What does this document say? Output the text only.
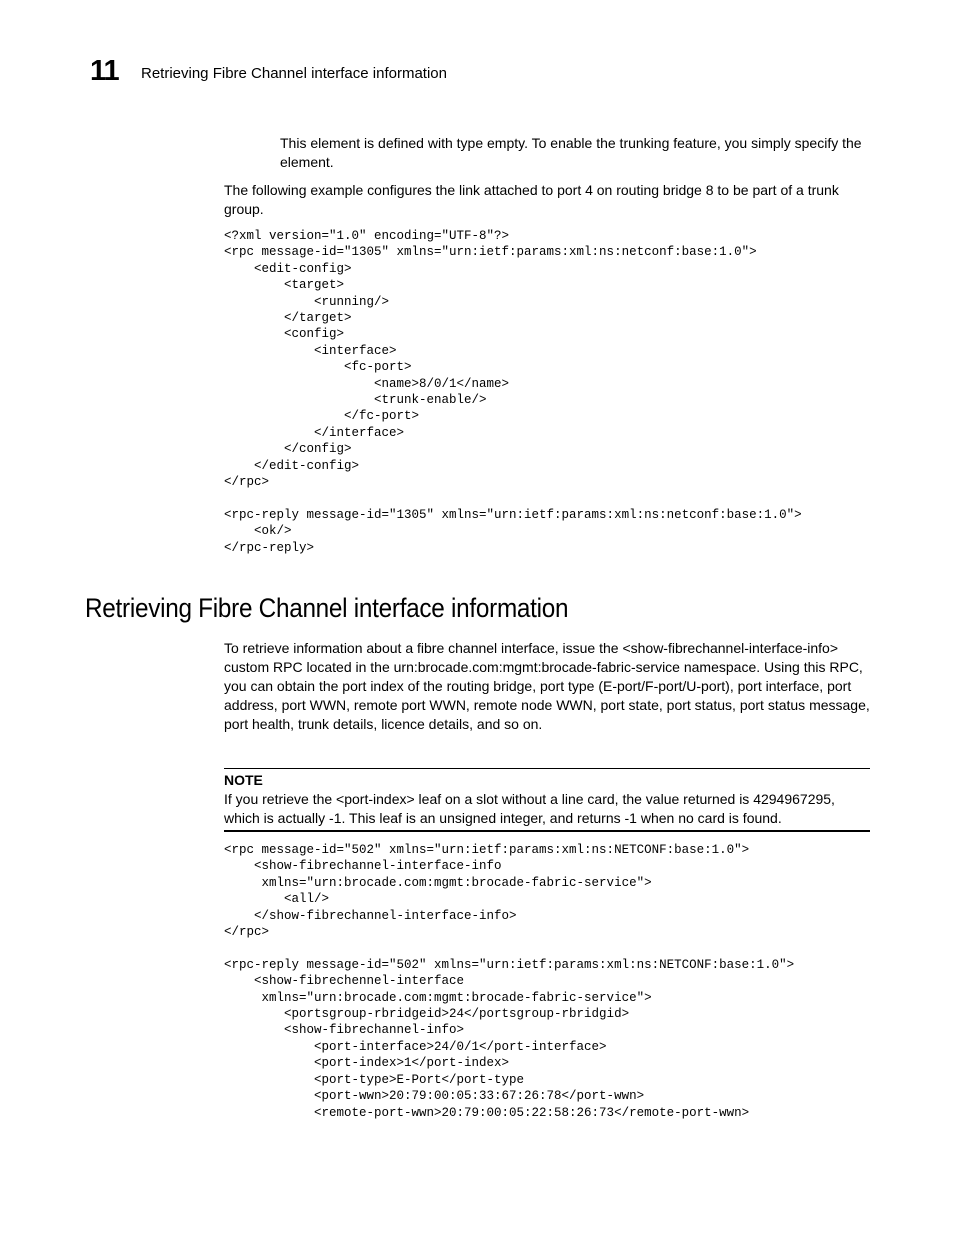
11 Retrieving Fibre Channel interface information

This element is defined with type empty. To enable the trunking feature, you simply specify the element.

The following example configures the link attached to port 4 on routing bridge 8 to be part of a trunk group.

<?xml version="1.0" encoding="UTF-8"?>
<rpc message-id="1305" xmlns="urn:ietf:params:xml:ns:netconf:base:1.0">
<edit-config>
<target>
<running/>
</target>
<config>
<interface>
<fc-port>
<name>8/0/1</name>
<trunk-enable/>
</fc-port>
</interface>
</config>
</edit-config>
</rpc>

<rpc-reply message-id="1305" xmlns="urn:ietf:params:xml:ns:netconf:base:1.0">
<ok/>
</rpc-reply>
Retrieving Fibre Channel interface information

To retrieve information about a fibre channel interface, issue the <show-fibrechannel-interface-info> custom RPC located in the urn:brocade.com:mgmt:brocade-fabric-service namespace. Using this RPC, you can obtain the port index of the routing bridge, port type (E-port/F-port/U-port), port interface, port address, port WWN, remote port WWN, remote node WWN, port state, port status, port status message, port health, trunk details, licence details, and so on.

NOTE

If you retrieve the <port-index> leaf on a slot without a line card, the value returned is 4294967295, which is actually -1. This leaf is an unsigned integer, and returns -1 when no card is found.

<rpc message-id="502" xmlns="urn:ietf:params:xml:ns:NETCONF:base:1.0">
<show-fibrechannel-interface-info
xmlns="urn:brocade.com:mgmt:brocade-fabric-service">
<all/>
</show-fibrechannel-interface-info>
</rpc>

<rpc-reply message-id="502" xmlns="urn:ietf:params:xml:ns:NETCONF:base:1.0">
<show-fibrechennel-interface
xmlns="urn:brocade.com:mgmt:brocade-fabric-service">
<portsgroup-rbridgeid>24</portsgroup-rbridgid>
<show-fibrechannel-info>
<port-interface>24/0/1</port-interface>
<port-index>1</port-index>
<port-type>E-Port</port-type
<port-wwn>20:79:00:05:33:67:26:78</port-wwn>
<remote-port-wwn>20:79:00:05:22:58:26:73</remote-port-wwn>
